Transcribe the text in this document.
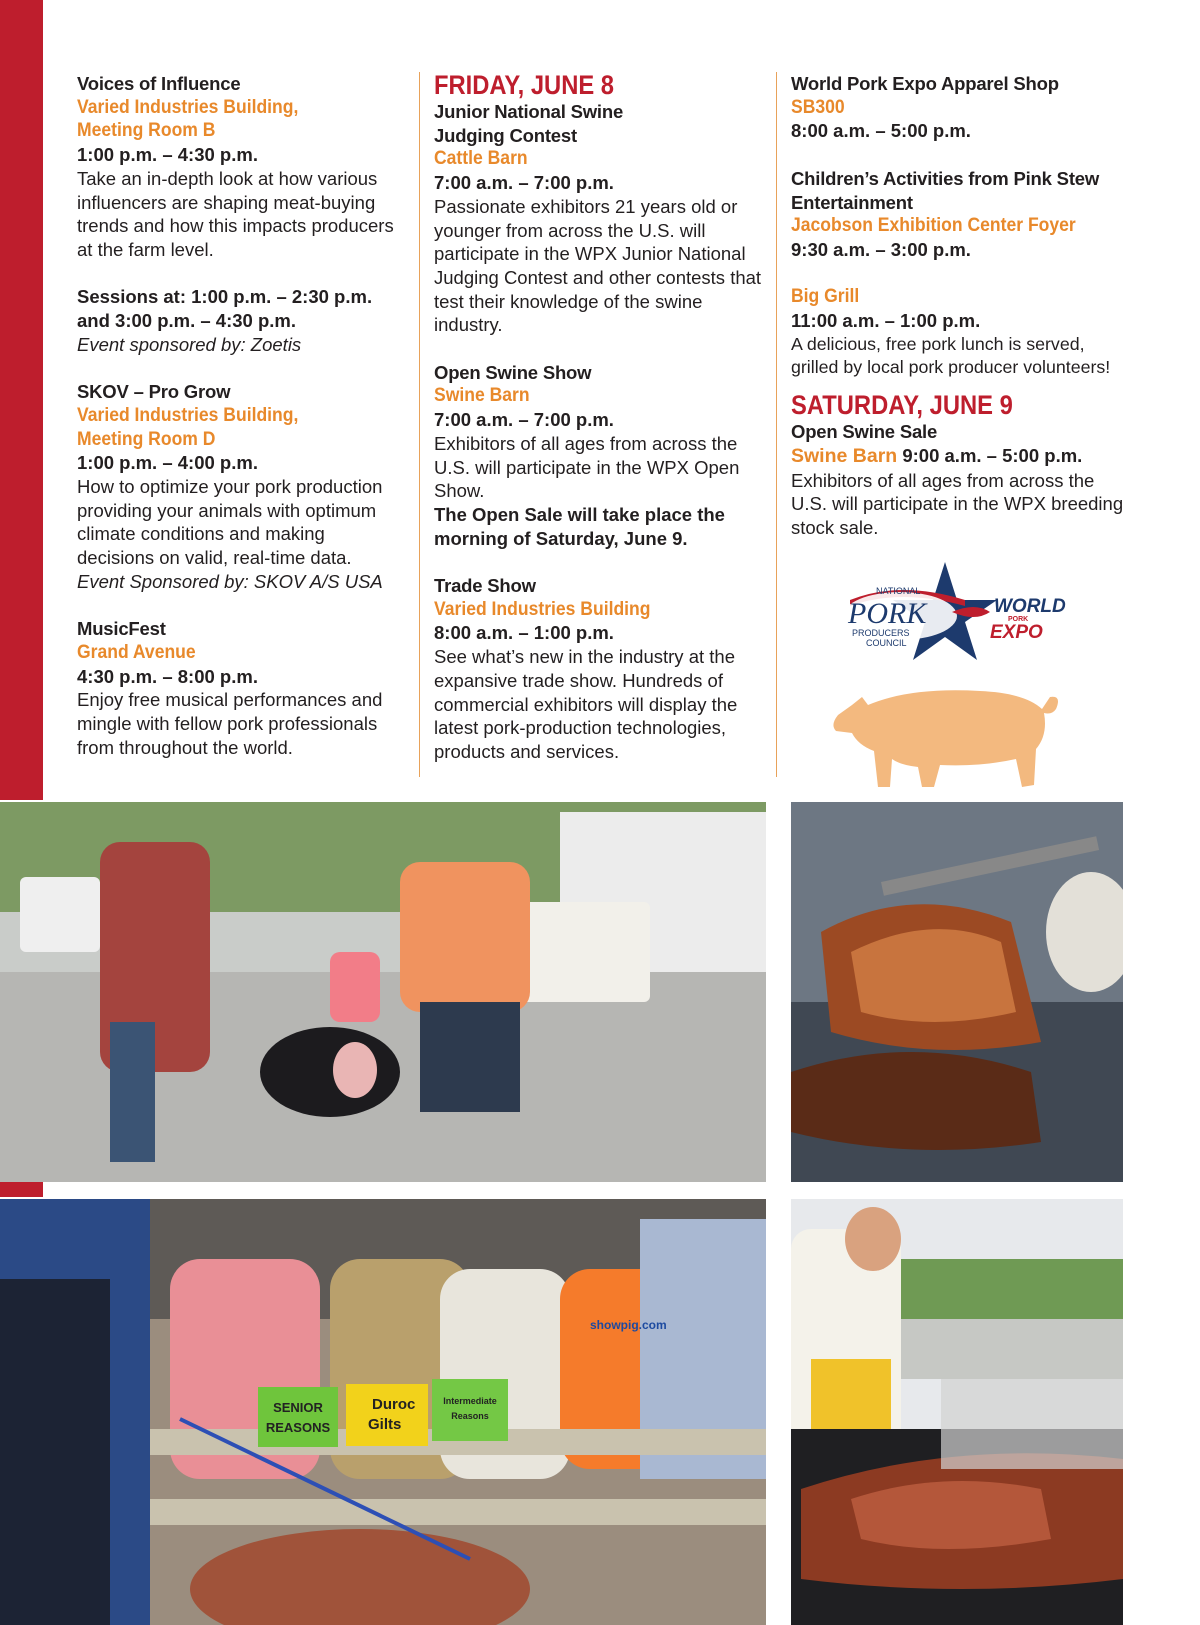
Voices of Influence
Varied Industries Building,
Meeting Room B
1:00 p.m. – 4:30 p.m.
Take an in-depth look at how various influencers are shaping meat-buying trends and how this impacts producers at the farm level.
Sessions at: 1:00 p.m. – 2:30 p.m.
and 3:00 p.m. – 4:30 p.m.
Event sponsored by: Zoetis
SKOV – Pro Grow
Varied Industries Building,
Meeting Room D
1:00 p.m. – 4:00 p.m.
How to optimize your pork production providing your animals with optimum climate conditions and making decisions on valid, real-time data.
Event Sponsored by: SKOV A/S USA
MusicFest
Grand Avenue
4:30 p.m. – 8:00 p.m.
Enjoy free musical performances and mingle with fellow pork professionals from throughout the world.
FRIDAY, JUNE 8
Junior National Swine
Judging Contest
Cattle Barn
7:00 a.m. – 7:00 p.m.
Passionate exhibitors 21 years old or younger from across the U.S. will participate in the WPX Junior National Judging Contest and other contests that test their knowledge of the swine industry.
Open Swine Show
Swine Barn
7:00 a.m. – 7:00 p.m.
Exhibitors of all ages from across the U.S. will participate in the WPX Open Show.
The Open Sale will take place the morning of Saturday, June 9.
Trade Show
Varied Industries Building
8:00 a.m. – 1:00 p.m.
See what’s new in the industry at the expansive trade show. Hundreds of commercial exhibitors will display the latest pork-production technologies, products and services.
World Pork Expo Apparel Shop
SB300
8:00 a.m. – 5:00 p.m.
Children’s Activities from Pink Stew Entertainment
Jacobson Exhibition Center Foyer
9:30 a.m. – 3:00 p.m.
Big Grill
11:00 a.m. – 1:00 p.m.
A delicious, free pork lunch is served, grilled by local pork producer volunteers!
SATURDAY, JUNE 9
Open Swine Sale
Swine Barn 9:00 a.m. – 5:00 p.m.
Exhibitors of all ages from across the U.S. will participate in the WPX breeding stock sale.
NATIONAL
PORK
PRODUCERS
COUNCIL
WORLD
PORK
EXPO
SENIOR
REASONS
Duroc
Gilts
Intermediate
Reasons
showpig.com
